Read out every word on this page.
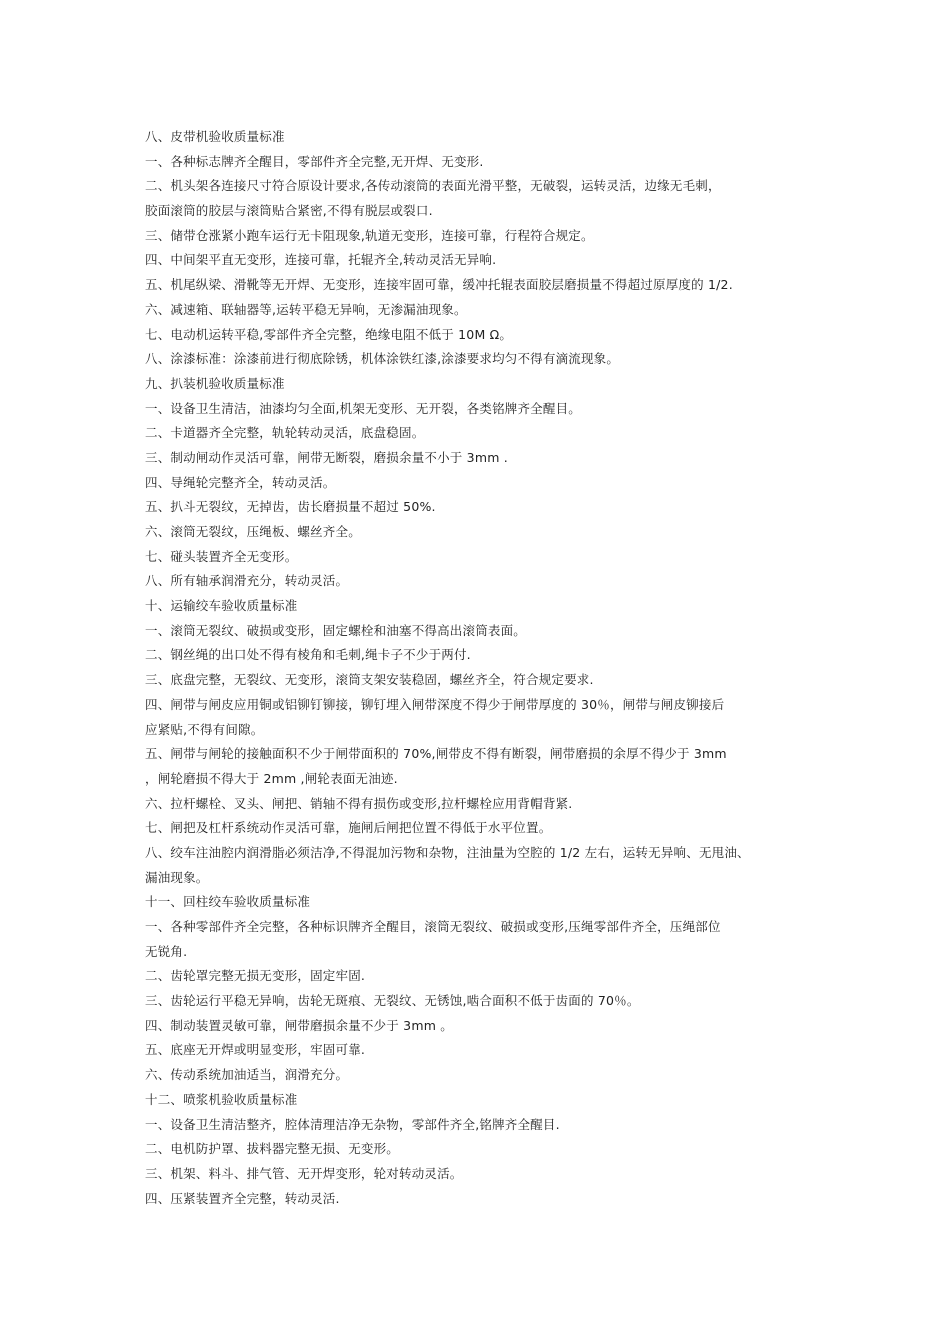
八、皮带机验收质量标准
一、各种标志牌齐全醒目，零部件齐全完整,无开焊、无变形.
二、机头架各连接尺寸符合原设计要求,各传动滚筒的表面光滑平整，无破裂，运转灵活，边缘无毛刺，
胶面滚筒的胶层与滚筒贴合紧密,不得有脱层或裂口.
三、储带仓涨紧小跑车运行无卡阻现象,轨道无变形，连接可靠，行程符合规定。
四、中间架平直无变形，连接可靠，托辊齐全,转动灵活无异响.
五、机尾纵梁、滑靴等无开焊、无变形，连接牢固可靠，缓冲托辊表面胶层磨损量不得超过原厚度的 1/2.
六、减速箱、联轴器等,运转平稳无异响，无渗漏油现象。
七、电动机运转平稳,零部件齐全完整，绝缘电阻不低于 10M Ω。
八、涂漆标准：涂漆前进行彻底除锈，机体涂铁红漆,涂漆要求均匀不得有滴流现象。
九、扒装机验收质量标准
一、设备卫生清洁，油漆均匀全面,机架无变形、无开裂，各类铭牌齐全醒目。
二、卡道器齐全完整，轨轮转动灵活，底盘稳固。
三、制动闸动作灵活可靠，闸带无断裂，磨损余量不小于 3mm .
四、导绳轮完整齐全，转动灵活。
五、扒斗无裂纹，无掉齿，齿长磨损量不超过 50%.
六、滚筒无裂纹，压绳板、螺丝齐全。
七、碰头装置齐全无变形。
八、所有轴承润滑充分，转动灵活。
十、运输绞车验收质量标准
一、滚筒无裂纹、破损或变形，固定螺栓和油塞不得高出滚筒表面。
二、钢丝绳的出口处不得有棱角和毛刺,绳卡子不少于两付.
三、底盘完整，无裂纹、无变形，滚筒支架安装稳固，螺丝齐全，符合规定要求.
四、闸带与闸皮应用铜或铝铆钉铆接，铆钉埋入闸带深度不得少于闸带厚度的 30％，闸带与闸皮铆接后
应紧贴,不得有间隙。
五、闸带与闸轮的接触面积不少于闸带面积的 70%,闸带皮不得有断裂，闸带磨损的余厚不得少于 3mm
，闸轮磨损不得大于 2mm ,闸轮表面无油迹.
六、拉杆螺栓、叉头、闸把、销轴不得有损伤或变形,拉杆螺栓应用背帽背紧.
七、闸把及杠杆系统动作灵活可靠，施闸后闸把位置不得低于水平位置。
八、绞车注油腔内润滑脂必须洁净,不得混加污物和杂物，注油量为空腔的 1/2 左右，运转无异响、无甩油、
漏油现象。
十一、回柱绞车验收质量标准
一、各种零部件齐全完整，各种标识牌齐全醒目，滚筒无裂纹、破损或变形,压绳零部件齐全，压绳部位
无锐角.
二、齿轮罩完整无损无变形，固定牢固.
三、齿轮运行平稳无异响，齿轮无斑痕、无裂纹、无锈蚀,啮合面积不低于齿面的 70％。
四、制动装置灵敏可靠，闸带磨损余量不少于 3mm 。
五、底座无开焊或明显变形，牢固可靠.
六、传动系统加油适当，润滑充分。
十二、喷浆机验收质量标准
一、设备卫生清洁整齐，腔体清理洁净无杂物，零部件齐全,铭牌齐全醒目.
二、电机防护罩、拔料器完整无损、无变形。
三、机架、料斗、排气管、无开焊变形，轮对转动灵活。
四、压紧装置齐全完整，转动灵活.
